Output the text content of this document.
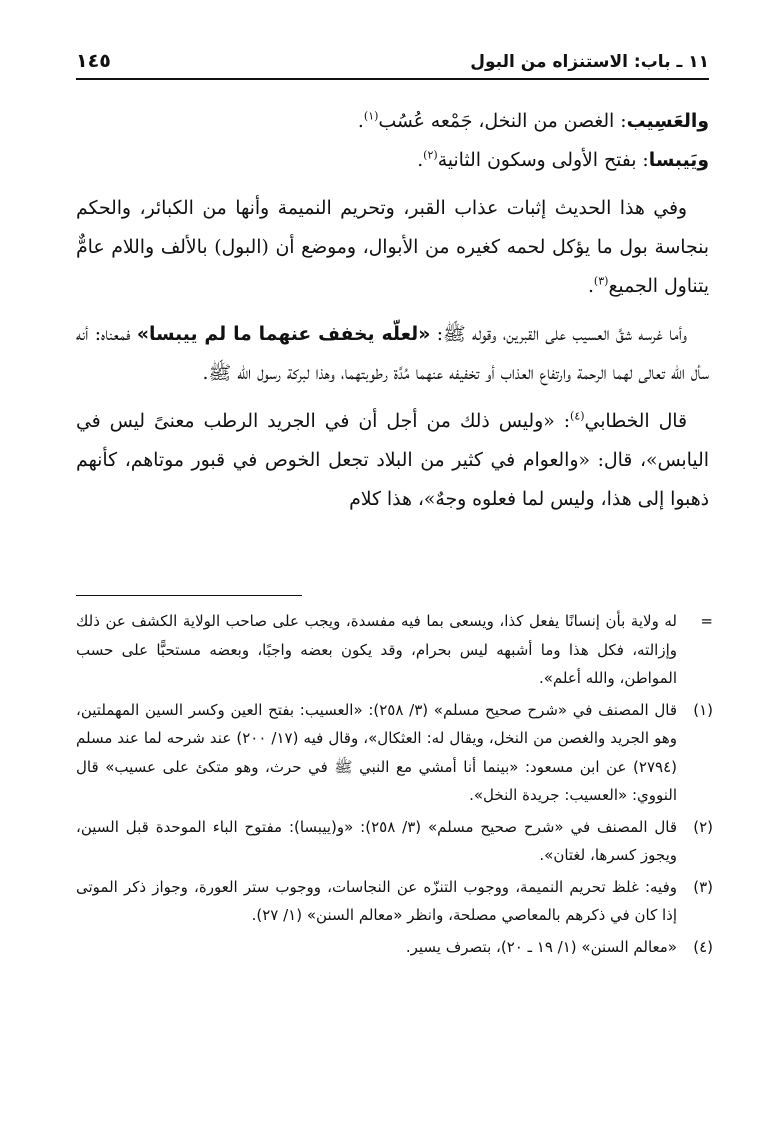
١١ ـ باب: الاستنزاه من البول
١٤٥

والعَسِيب: الغصن من النخل، جَمْعه عُسُب$^{(١)}$.

ويَيبسا: بفتح الأولى وسكون الثانية$^{(٢)}$.

وفي هذا الحديث إثبات عذاب القبر، وتحريم النميمة وأنها من الكبائر، والحكم بنجاسة بول ما يؤكل لحمه كغيره من الأبوال، وموضع أن (البول) بالألف واللام عامٌّ يتناول الجميع$^{(٣)}$.

وأما غرسه شقَّ العسيب على القبرين، وقوله ﷺ: «لعلّه يخفف عنهما ما لم ييبسا» فمعناه: أنه سأل الله تعالى لهما الرحمة وارتفاع العذاب أو تخفيفه عنهما مُدَّة رطوبتهما، وهذا لبركة رسول الله ﷺ.

قال الخطابي$^{(٤)}$: «وليس ذلك من أجل أن في الجريد الرطب معنىً ليس في اليابس»، قال: «والعوام في كثير من البلاد تجعل الخوص في قبور موتاهم، كأنهم ذهبوا إلى هذا، وليس لما فعلوه وجهٌ»، هذا كلام

=
له ولاية بأن إنسانًا يفعل كذا، ويسعى بما فيه مفسدة، ويجب على صاحب الولاية الكشف عن ذلك وإزالته، فكل هذا وما أشبهه ليس بحرام، وقد يكون بعضه واجبًا، وبعضه مستحبًّا على حسب المواطن، والله أعلم».
(١)
قال المصنف في «شرح صحيح مسلم» (٣/ ٢٥٨): «العسيب: بفتح العين وكسر السين المهملتين، وهو الجريد والغصن من النخل، ويقال له: العثكال»، وقال فيه (١٧/ ٢٠٠) عند شرحه لما عند مسلم (٢٧٩٤) عن ابن مسعود: «بينما أنا أمشي مع النبي ﷺ في حرث، وهو متكئ على عسيب» قال النووي: «العسيب: جريدة النخل».
(٢)
قال المصنف في «شرح صحيح مسلم» (٣/ ٢٥٨): «و(ييبسا): مفتوح الباء الموحدة قبل السين، ويجوز كسرها، لغتان».
(٣)
وفيه: غلظ تحريم النميمة، ووجوب التنزّه عن النجاسات، ووجوب ستر العورة، وجواز ذكر الموتى إذا كان في ذكرهم بالمعاصي مصلحة، وانظر «معالم السنن» (١/ ٢٧).
(٤)
«معالم السنن» (١/ ١٩ ـ ٢٠)، بتصرف يسير.
